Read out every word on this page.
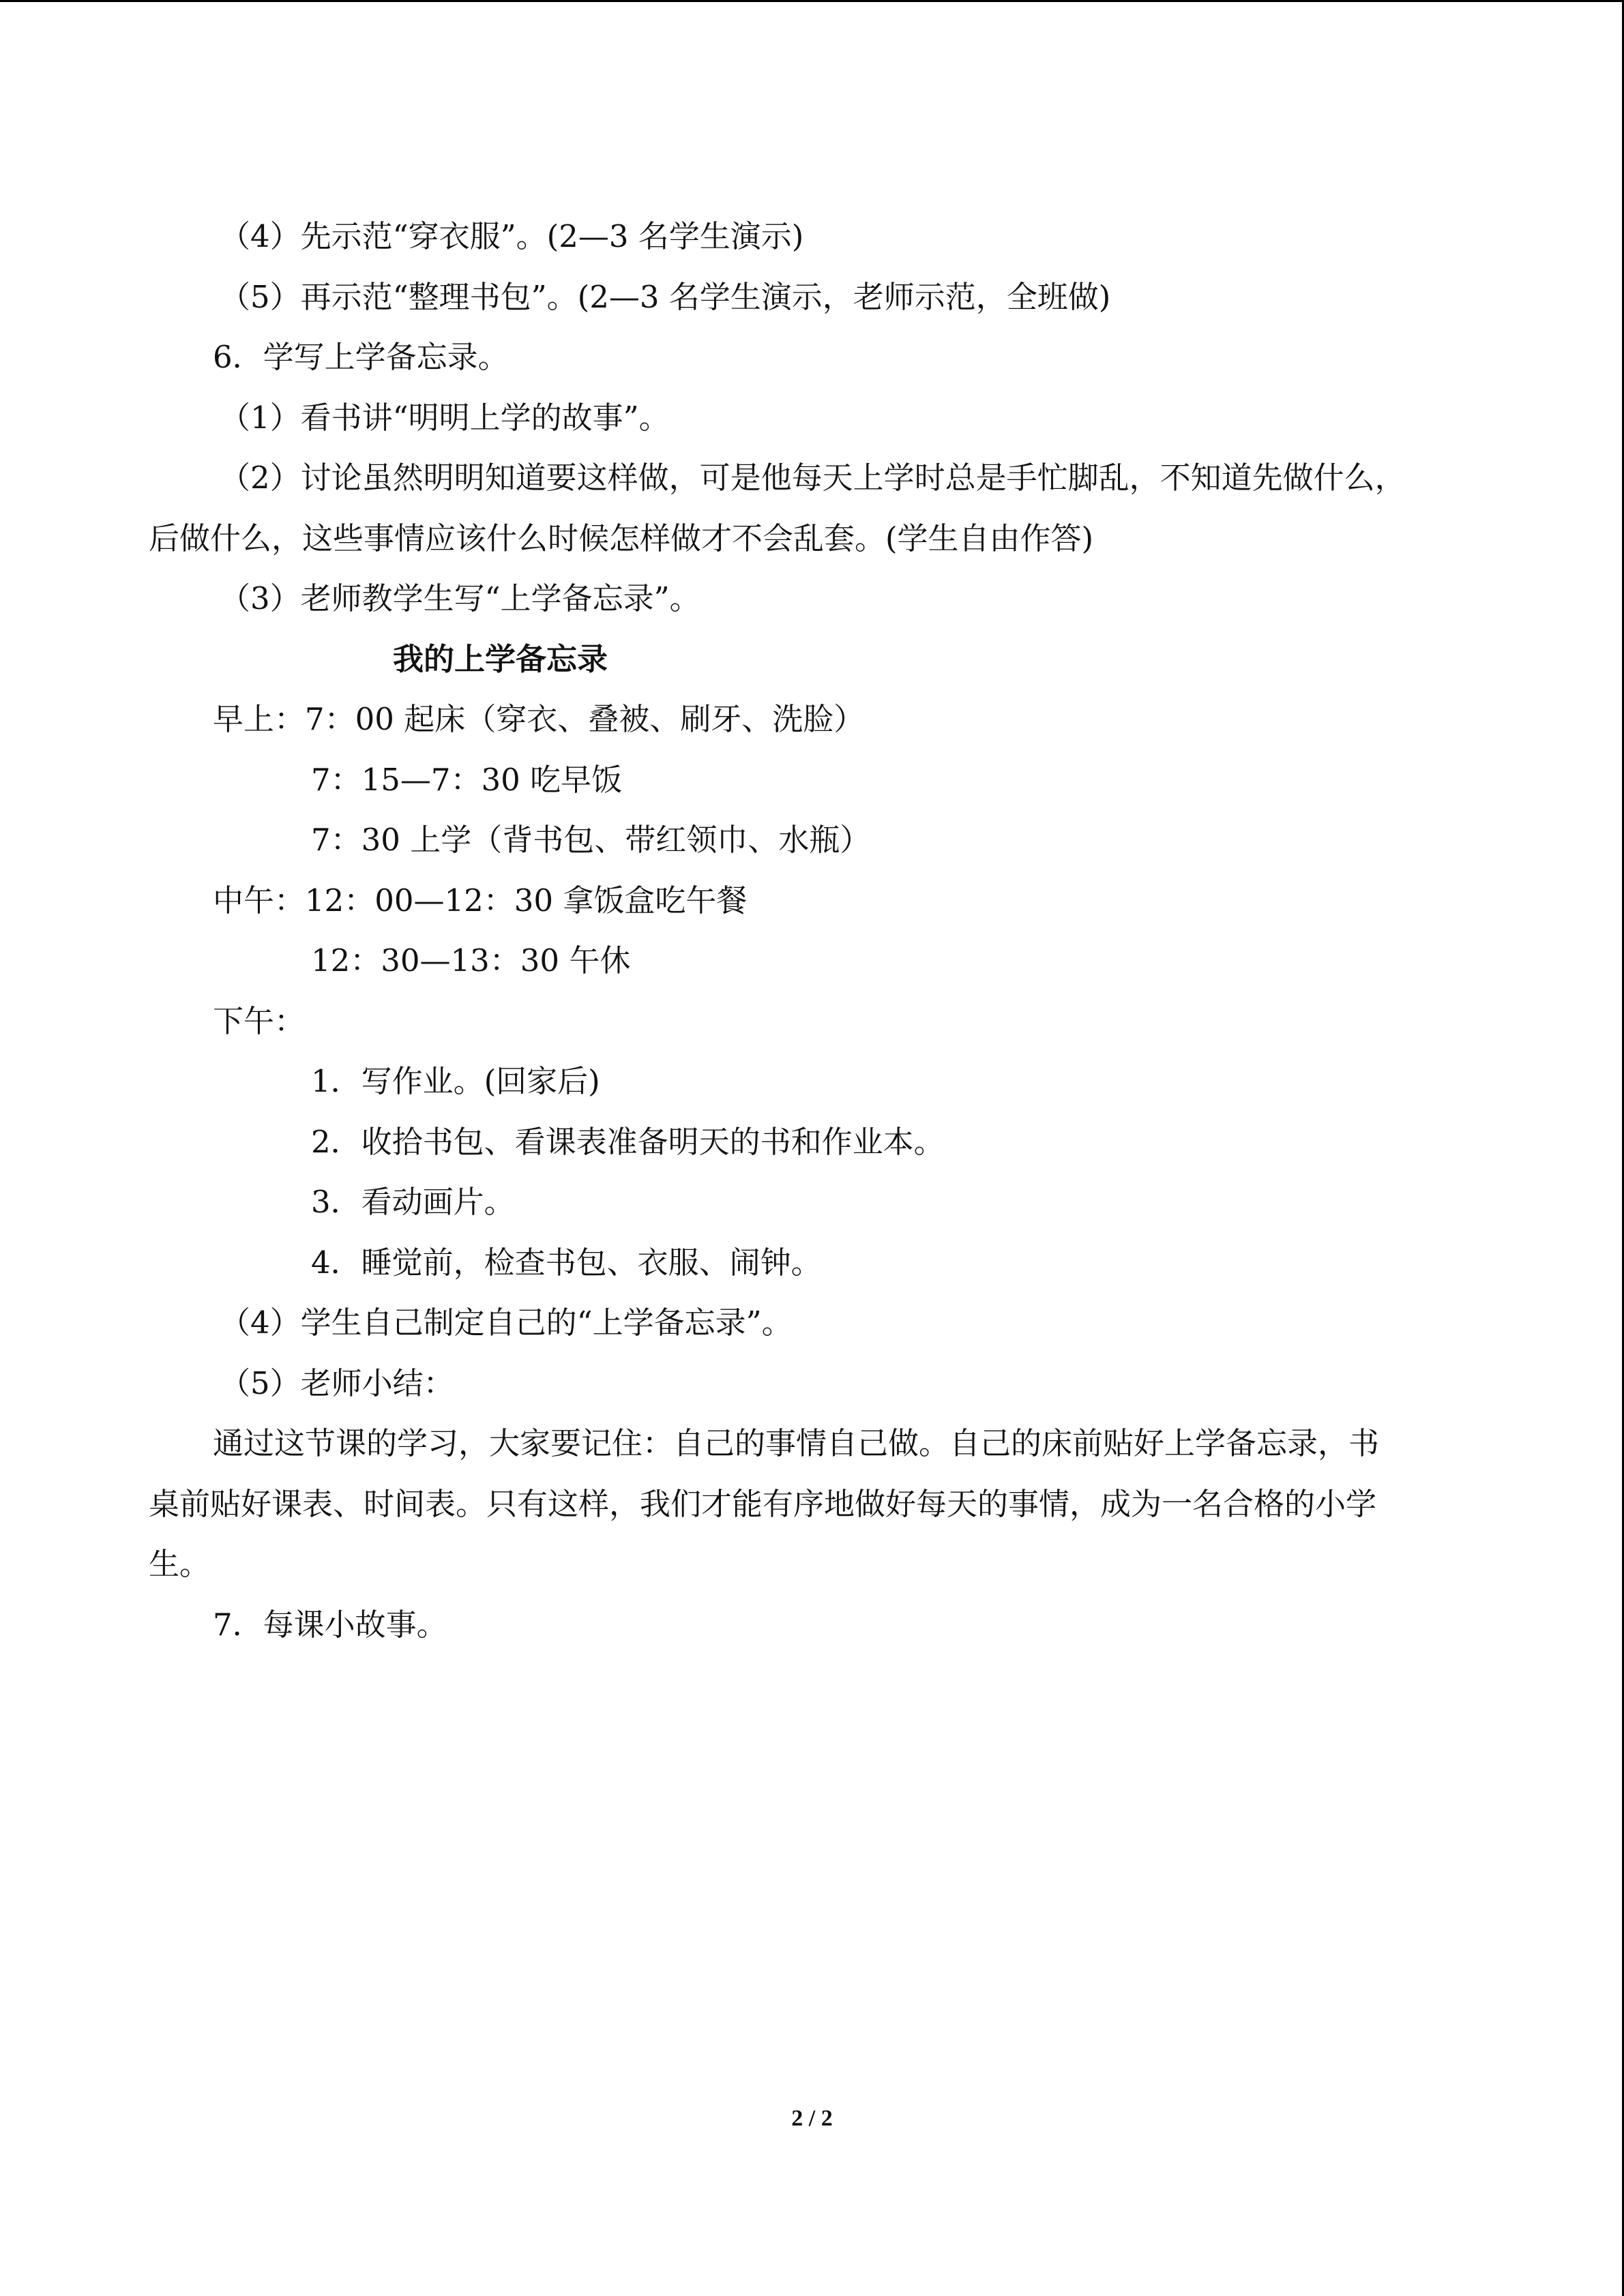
（4）先示范“穿衣服”。(2—3 名学生演示)
（5）再示范“整理书包”。(2—3 名学生演示，老师示范，全班做)
6．学写上学备忘录。
（1）看书讲“明明上学的故事”。
（2）讨论虽然明明知道要这样做，可是他每天上学时总是手忙脚乱，不知道先做什么，
后做什么，这些事情应该什么时候怎样做才不会乱套。(学生自由作答)
（3）老师教学生写“上学备忘录”。
我的上学备忘录
早上：7：00 起床（穿衣、叠被、刷牙、洗脸）
7：15—7：30 吃早饭
7：30 上学（背书包、带红领巾、水瓶）
中午：12：00—12：30 拿饭盒吃午餐
12：30—13：30 午休
下午：
1．写作业。(回家后)
2．收拾书包、看课表准备明天的书和作业本。
3．看动画片。
4．睡觉前，检查书包、衣服、闹钟。
（4）学生自己制定自己的“上学备忘录”。
（5）老师小结：
通过这节课的学习，大家要记住：自己的事情自己做。自己的床前贴好上学备忘录，书
桌前贴好课表、时间表。只有这样，我们才能有序地做好每天的事情，成为一名合格的小学
生。
7．每课小故事。
2 / 2
